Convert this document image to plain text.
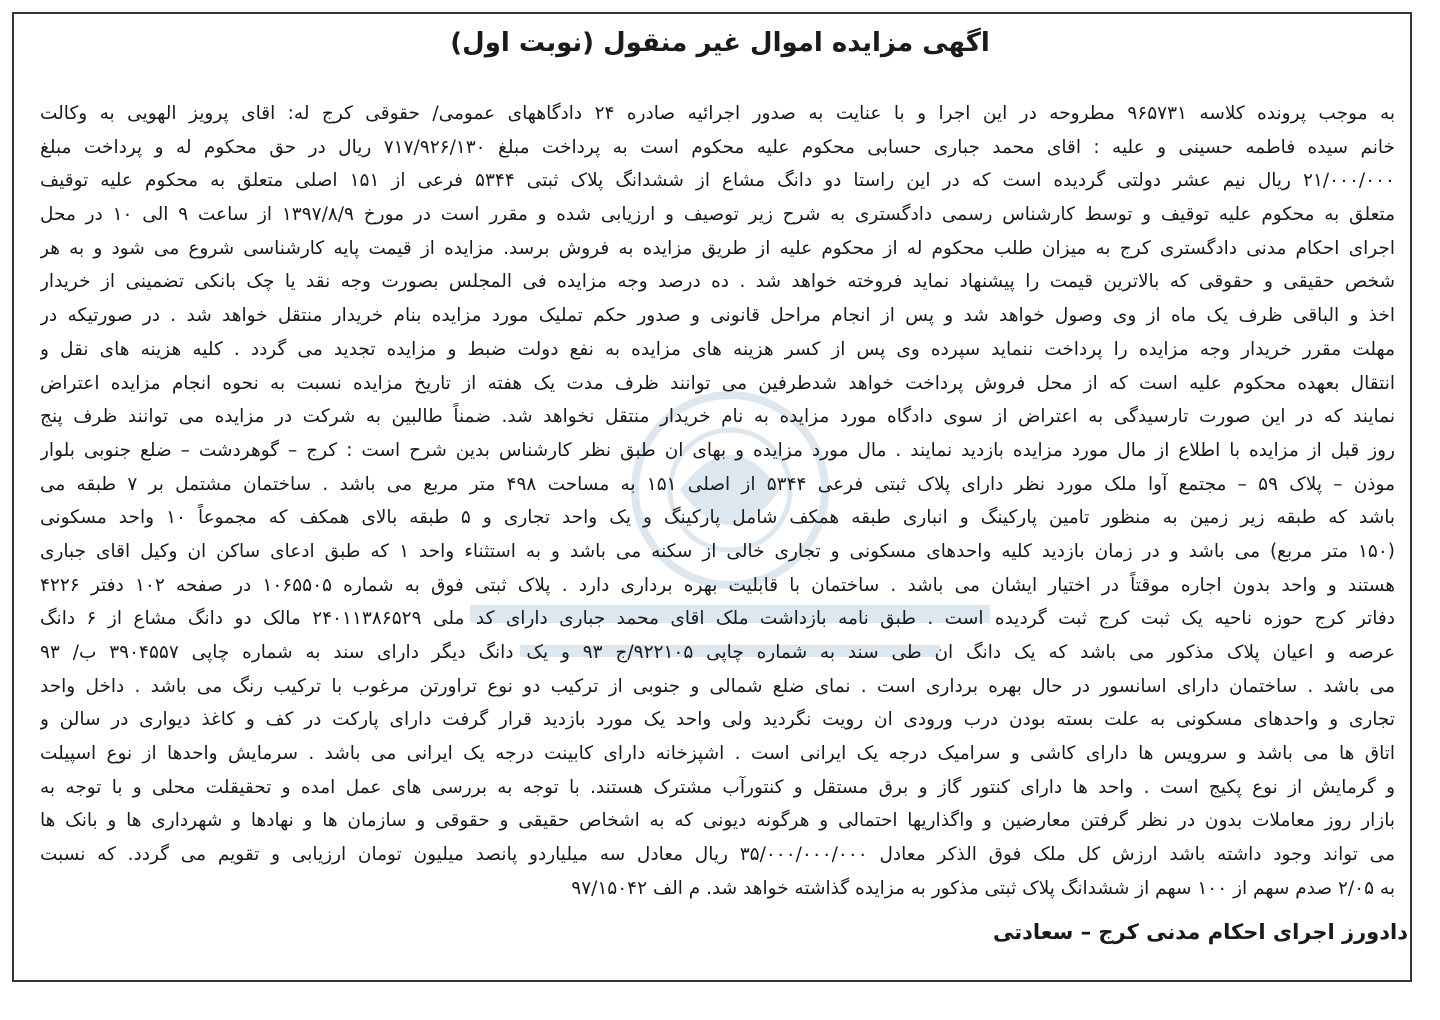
اگهی مزایده اموال غیر منقول (نوبت اول)
به موجب پرونده کلاسه ۹۶۵۷۳۱ مطروحه در این اجرا و با عنایت به صدور اجرائیه صادره ۲۴ دادگاههای عمومی/ حقوقی کرج له: اقای پرویز الهویی به وکالت
خانم سیده فاطمه حسینی و علیه : اقای محمد جباری حسابی محکوم علیه محکوم است به پرداخت مبلغ ۷۱۷/۹۲۶/۱۳۰ ریال در حق محکوم له و پرداخت مبلغ
۲۱/۰۰۰/۰۰۰ ریال نیم عشر دولتی گردیده است که در این راستا دو دانگ مشاع از ششدانگ پلاک ثبتی ۵۳۴۴ فرعی از ۱۵۱ اصلی متعلق به محکوم علیه توقیف
متعلق به محکوم علیه توقیف و توسط کارشناس رسمی دادگستری به شرح زیر توصیف و ارزیابی شده و مقرر است در مورخ ۱۳۹۷/۸/۹ از ساعت ۹ الی ۱۰ در محل
اجرای احکام مدنی دادگستری کرج به میزان طلب محکوم له از محکوم علیه از طریق مزایده به فروش برسد. مزایده از قیمت پایه کارشناسی شروع می شود و به هر
شخص حقیقی و حقوقی که بالاترین قیمت را پیشنهاد نماید فروخته خواهد شد . ده درصد وجه مزایده فی المجلس بصورت وجه نقد یا چک بانکی تضمینی از خریدار
اخذ و الباقی ظرف یک ماه از وی وصول خواهد شد و پس از انجام مراحل قانونی و صدور حکم تملیک مورد مزایده بنام خریدار منتقل خواهد شد . در صورتیکه در
مهلت مقرر خریدار وجه مزایده را پرداخت ننماید سپرده وی پس از کسر هزینه های مزایده به نفع دولت ضبط و مزایده تجدید می گردد . کلیه هزینه های نقل و
انتقال بعهده محکوم علیه است که از محل فروش پرداخت خواهد شدطرفین می توانند ظرف مدت یک هفته از تاریخ مزایده نسبت به نحوه انجام مزایده اعتراض
نمایند که در این صورت تارسیدگی به اعتراض از سوی دادگاه مورد مزایده به نام خریدار منتقل نخواهد شد. ضمناً طالبین به شرکت در مزایده می توانند ظرف پنج
روز قبل از مزایده با اطلاع از مال مورد مزایده بازدید نمایند . مال مورد مزایده و بهای ان طبق نظر کارشناس بدین شرح است : کرج – گوهردشت – ضلع جنوبی بلوار
موذن – پلاک ۵۹ – مجتمع آوا ملک مورد نظر دارای پلاک ثبتی فرعی ۵۳۴۴ از اصلی ۱۵۱ به مساحت ۴۹۸ متر مربع می باشد . ساختمان مشتمل بر ۷ طبقه می
باشد که طبقه زیر زمین به منظور تامین پارکینگ و انباری طبقه همکف شامل پارکینگ و یک واحد تجاری و ۵ طبقه بالای همکف که مجموعاً ۱۰ واحد مسکونی
(۱۵۰ متر مربع) می باشد و در زمان بازدید کلیه واحدهای مسکونی و تجاری خالی از سکنه می باشد و به استثناء واحد ۱ که طبق ادعای ساکن ان وکیل اقای جباری
هستند و واحد بدون اجاره موقتاً در اختیار ایشان می باشد . ساختمان با قابلیت بهره برداری دارد . پلاک ثبتی فوق به شماره ۱۰۶۵۵۰۵ در صفحه ۱۰۲ دفتر ۴۲۲۶
دفاتر کرج حوزه ناحیه یک ثبت کرج ثبت گردیده است . طبق نامه بازداشت ملک اقای محمد جباری دارای کد ملی ۲۴۰۱۱۳۸۶۵۲۹ مالک دو دانگ مشاع از ۶ دانگ
عرصه و اعیان پلاک مذکور می باشد که یک دانگ ان طی سند به شماره چاپی ۹۲۲۱۰۵/ج ۹۳ و یک دانگ دیگر دارای سند به شماره چاپی ۳۹۰۴۵۵۷ ب/ ۹۳
می باشد . ساختمان دارای اسانسور در حال بهره برداری است . نمای ضلع شمالی و جنوبی از ترکیب دو نوع تراورتن مرغوب با ترکیب رنگ می باشد . داخل واحد
تجاری و واحدهای مسکونی به علت بسته بودن درب ورودی ان رویت نگردید ولی واحد یک مورد بازدید قرار گرفت دارای پارکت در کف و کاغذ دیواری در سالن و
اتاق ها می باشد و سرویس ها دارای کاشی و سرامیک درجه یک ایرانی است . اشپزخانه دارای کابینت درجه یک ایرانی می باشد . سرمایش واحدها از نوع اسپیلت
و گرمایش از نوع پکیج است . واحد ها دارای کنتور گاز و برق مستقل و کنتورآب مشترک هستند. با توجه به بررسی های عمل امده و تحقیقلت محلی و با توجه به
بازار روز معاملات بدون در نظر گرفتن معارضین و واگذاریها احتمالی و هرگونه دیونی که به اشخاص حقیقی و حقوقی و سازمان ها و نهادها و شهرداری ها و بانک ها
می تواند وجود داشته باشد ارزش کل ملک فوق الذکر معادل ۳۵/۰۰۰/۰۰۰/۰۰۰ ریال معادل سه میلیاردو پانصد میلیون تومان ارزیابی و تقویم می گردد. که نسبت
به ۲/۰۵ صدم سهم از ۱۰۰ سهم از ششدانگ پلاک ثبتی مذکور به مزایده گذاشته خواهد شد. م الف ۹۷/۱۵۰۴۲

دادورز اجرای احکام مدنی کرج – سعادتی
